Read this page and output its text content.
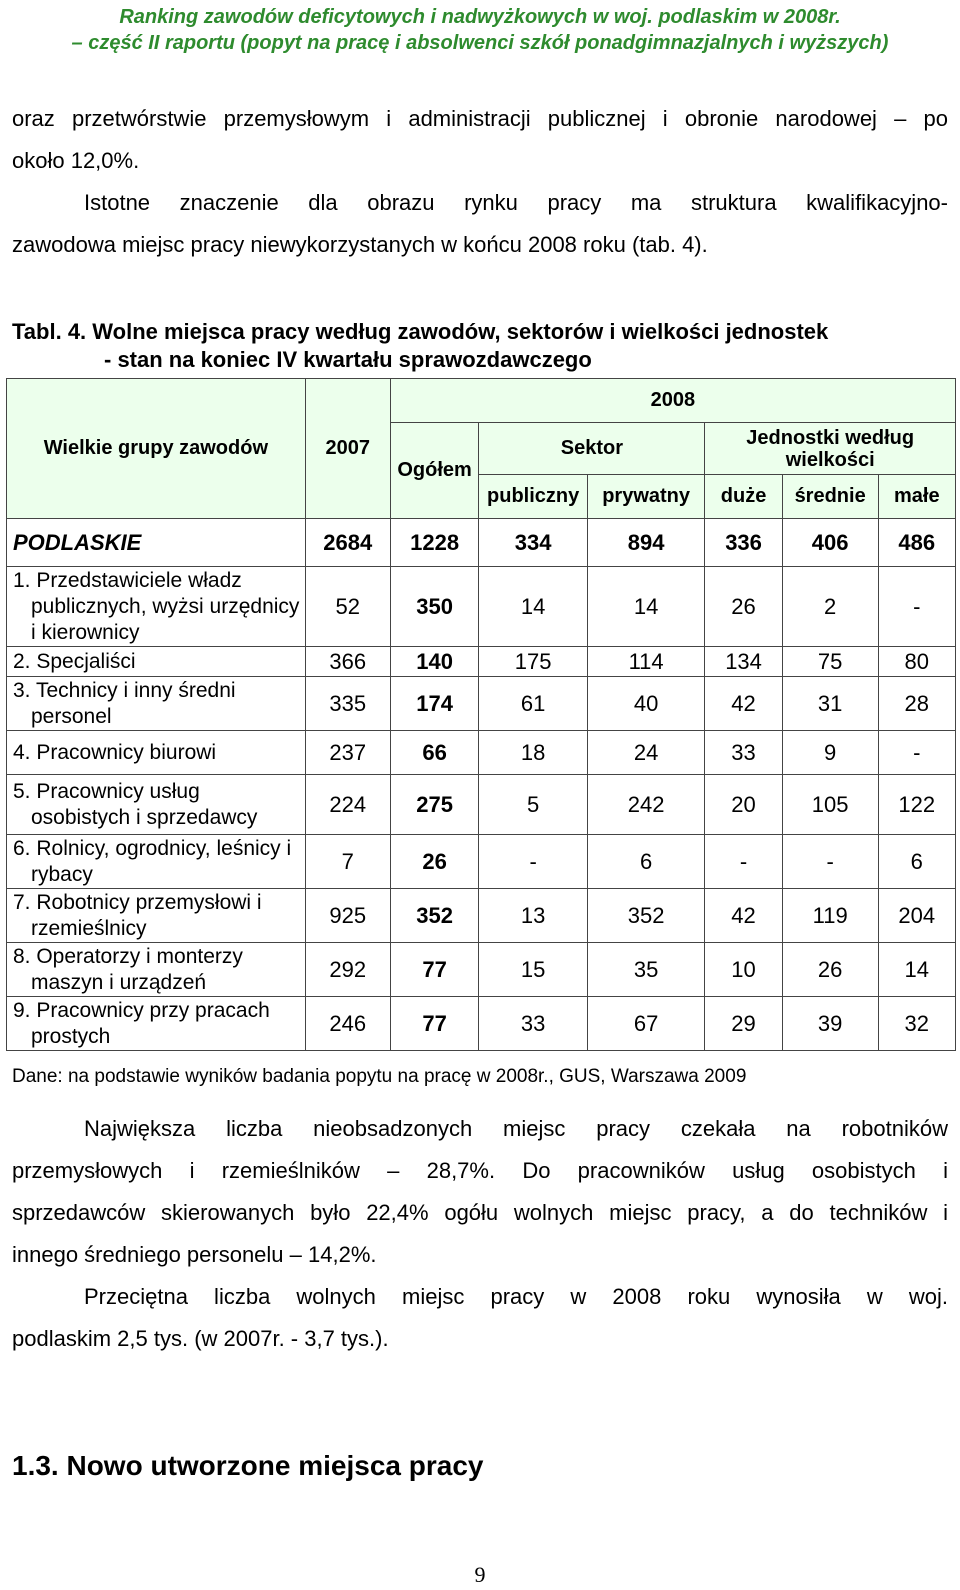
Ranking zawodów deficytowych i nadwyżkowych w woj. podlaskim w 2008r.
– część II raportu (popyt na pracę i absolwenci szkół ponadgimnazjalnych i wyższych)
oraz przetwórstwie przemysłowym i administracji publicznej i obronie narodowej – po
około 12,0%.
Istotne znaczenie dla obrazu rynku pracy ma struktura kwalifikacyjno-
zawodowa miejsc pracy niewykorzystanych w końcu 2008 roku (tab. 4).
Tabl. 4. Wolne miejsca pracy według zawodów, sektorów i wielkości jednostek
- stan na koniec IV kwartału sprawozdawczego
Wielkie grupy zawodów	2007	2008					
		Ogółem	Sektor		Jednostki według wielkości		
			publiczny	prywatny	duże	średnie	małe
PODLASKIE	2684	1228	334	894	336	406	486
1. Przedstawiciele władz
publicznych, wyżsi urzędnicy i kierownicy	52	350	14	14	26	2	-
2. Specjaliści	366	140	175	114	134	75	80
3. Technicy i inny średni
personel	335	174	61	40	42	31	28
4. Pracownicy biurowi	237	66	18	24	33	9	-
5. Pracownicy usług
osobistych i sprzedawcy	224	275	5	242	20	105	122
6. Rolnicy, ogrodnicy, leśnicy i
rybacy	7	26	-	6	-	-	6
7. Robotnicy przemysłowi i
rzemieślnicy	925	352	13	352	42	119	204
8. Operatorzy i monterzy
maszyn i urządzeń	292	77	15	35	10	26	14
9. Pracownicy przy pracach
prostych	246	77	33	67	29	39	32
Dane: na podstawie wyników badania popytu na pracę w 2008r., GUS, Warszawa 2009
Największa liczba nieobsadzonych miejsc pracy czekała na robotników
przemysłowych i rzemieślników – 28,7%. Do pracowników usług osobistych i
sprzedawców skierowanych było 22,4% ogółu wolnych miejsc pracy, a do techników i
innego średniego personelu – 14,2%.
Przeciętna liczba wolnych miejsc pracy w 2008 roku wynosiła w woj.
podlaskim 2,5 tys. (w 2007r. - 3,7 tys.).
1.3. Nowo utworzone miejsca pracy
9
